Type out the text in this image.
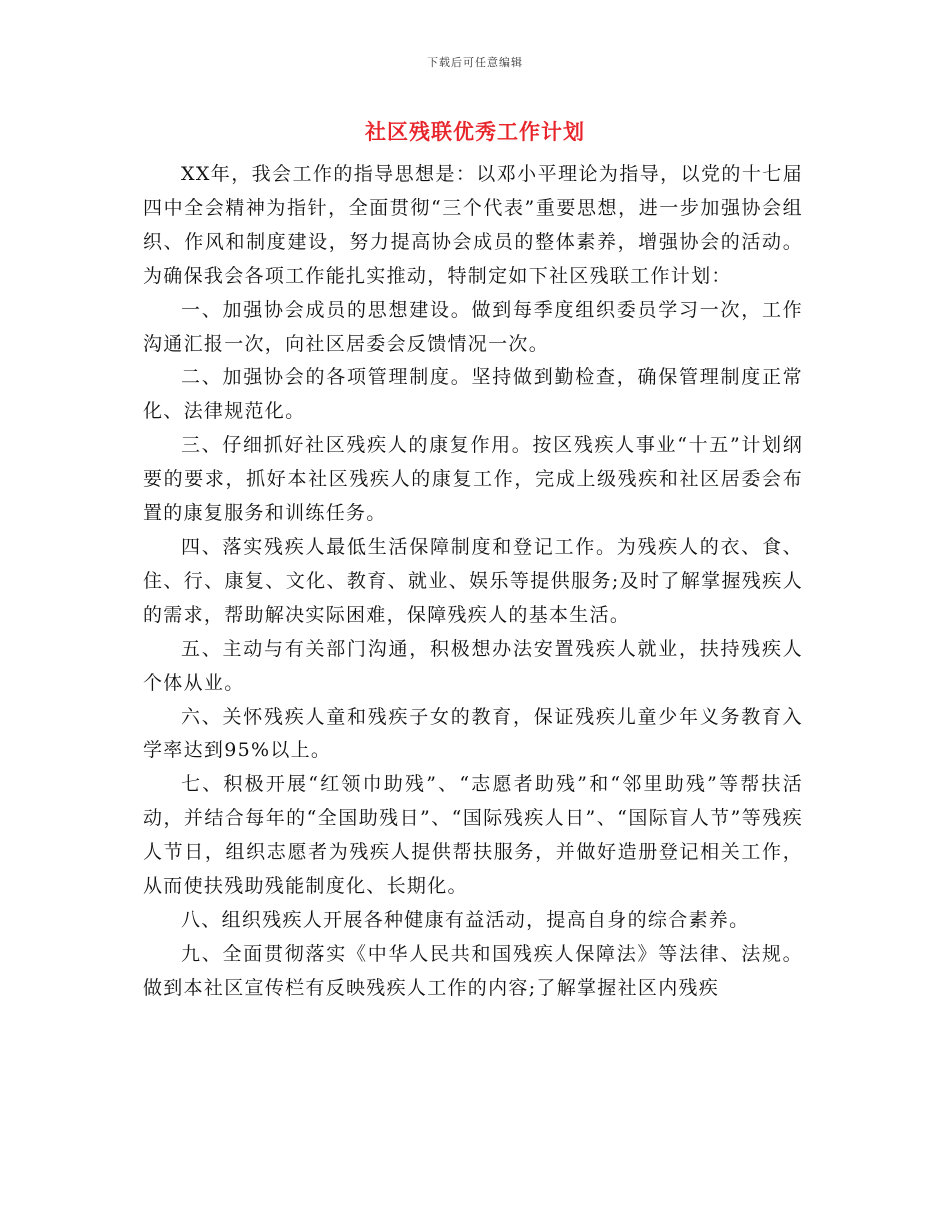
下载后可任意编辑
社区残联优秀工作计划

XX年，我会工作的指导思想是：以邓小平理论为指导，以党的十七届四中全会精神为指针，全面贯彻“三个代表”重要思想，进一步加强协会组织、作风和制度建设，努力提高协会成员的整体素养，增强协会的活动。为确保我会各项工作能扎实推动，特制定如下社区残联工作计划：

一、加强协会成员的思想建设。做到每季度组织委员学习一次，工作沟通汇报一次，向社区居委会反馈情况一次。

二、加强协会的各项管理制度。坚持做到勤检查，确保管理制度正常化、法律规范化。

三、仔细抓好社区残疾人的康复作用。按区残疾人事业“十五”计划纲要的要求，抓好本社区残疾人的康复工作，完成上级残疾和社区居委会布置的康复服务和训练任务。

四、落实残疾人最低生活保障制度和登记工作。为残疾人的衣、食、住、行、康复、文化、教育、就业、娱乐等提供服务;及时了解掌握残疾人的需求，帮助解决实际困难，保障残疾人的基本生活。

五、主动与有关部门沟通，积极想办法安置残疾人就业，扶持残疾人个体从业。

六、关怀残疾人童和残疾子女的教育，保证残疾儿童少年义务教育入学率达到95%以上。

七、积极开展“红领巾助残”、“志愿者助残”和“邻里助残”等帮扶活动，并结合每年的“全国助残日”、“国际残疾人日”、“国际盲人节”等残疾人节日，组织志愿者为残疾人提供帮扶服务，并做好造册登记相关工作，从而使扶残助残能制度化、长期化。

八、组织残疾人开展各种健康有益活动，提高自身的综合素养。

九、全面贯彻落实《中华人民共和国残疾人保障法》等法律、法规。做到本社区宣传栏有反映残疾人工作的内容;了解掌握社区内残疾
